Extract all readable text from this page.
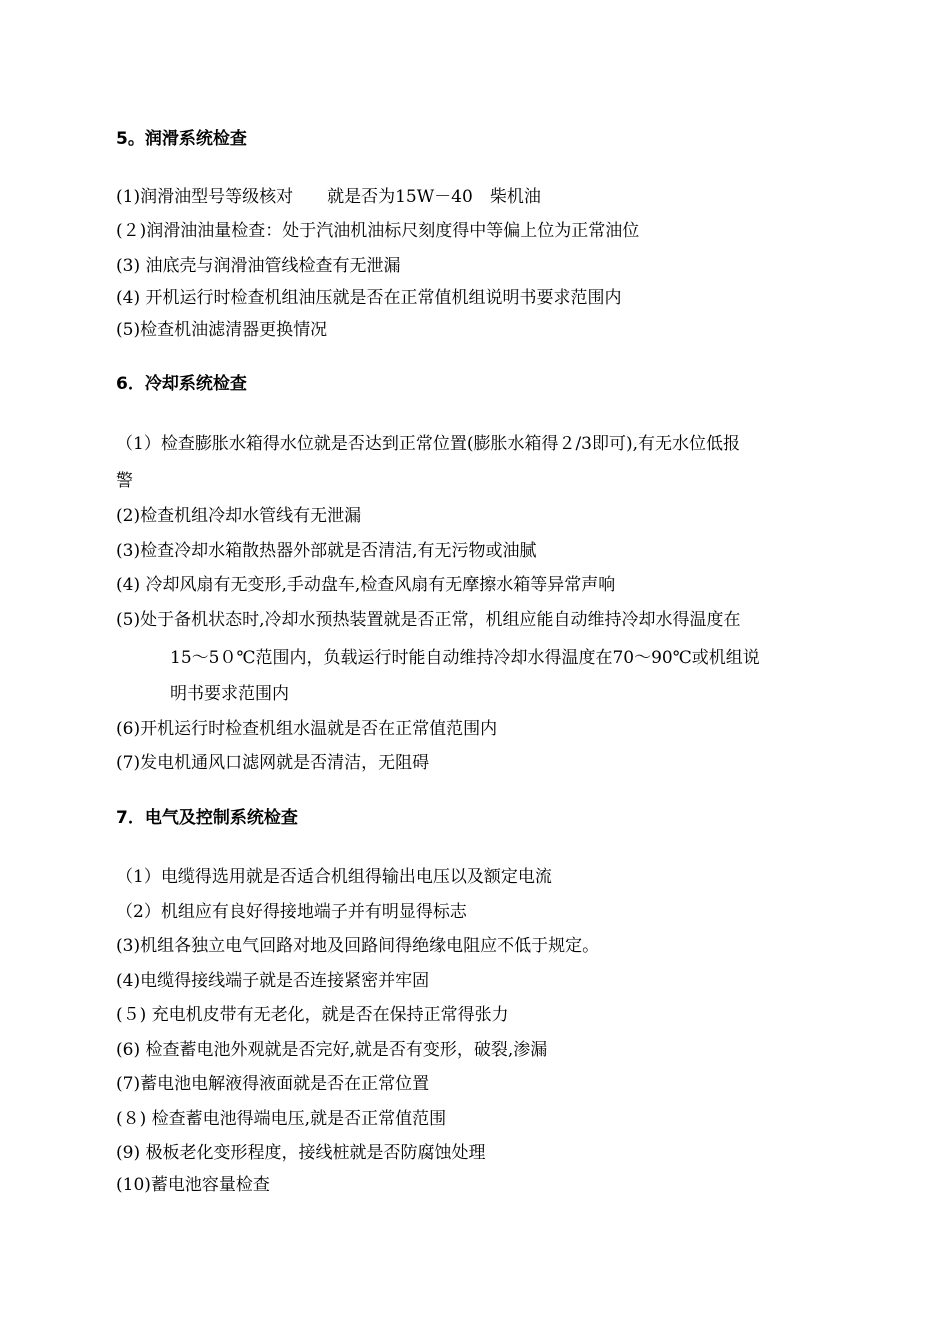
5。润滑系统检查
(1)润滑油型号等级核对　　就是否为15W－40　柴机油
(２)润滑油油量检查：处于汽油机油标尺刻度得中等偏上位为正常油位
(3) 油底壳与润滑油管线检查有无泄漏
(4) 开机运行时检查机组油压就是否在正常值机组说明书要求范围内
(5)检查机油滤清器更换情况
6．冷却系统检查
（1）检查膨胀水箱得水位就是否达到正常位置(膨胀水箱得２/3即可),有无水位低报
警
(2)检查机组冷却水管线有无泄漏
(3)检查冷却水箱散热器外部就是否清洁,有无污物或油腻
(4) 冷却风扇有无变形,手动盘车,检查风扇有无摩擦水箱等异常声响
(5)处于备机状态时,冷却水预热装置就是否正常，机组应能自动维持冷却水得温度在
15～5０℃范围内，负载运行时能自动维持冷却水得温度在70～90℃或机组说
明书要求范围内
(6)开机运行时检查机组水温就是否在正常值范围内
(7)发电机通风口滤网就是否清洁，无阻碍
7．电气及控制系统检查
（1）电缆得选用就是否适合机组得输出电压以及额定电流
（2）机组应有良好得接地端子并有明显得标志
(3)机组各独立电气回路对地及回路间得绝缘电阻应不低于规定。
(4)电缆得接线端子就是否连接紧密并牢固
(５) 充电机皮带有无老化，就是否在保持正常得张力
(6) 检查蓄电池外观就是否完好,就是否有变形，破裂,渗漏
(7)蓄电池电解液得液面就是否在正常位置
(８) 检查蓄电池得端电压,就是否正常值范围
(9) 极板老化变形程度，接线桩就是否防腐蚀处理
(10)蓄电池容量检查
